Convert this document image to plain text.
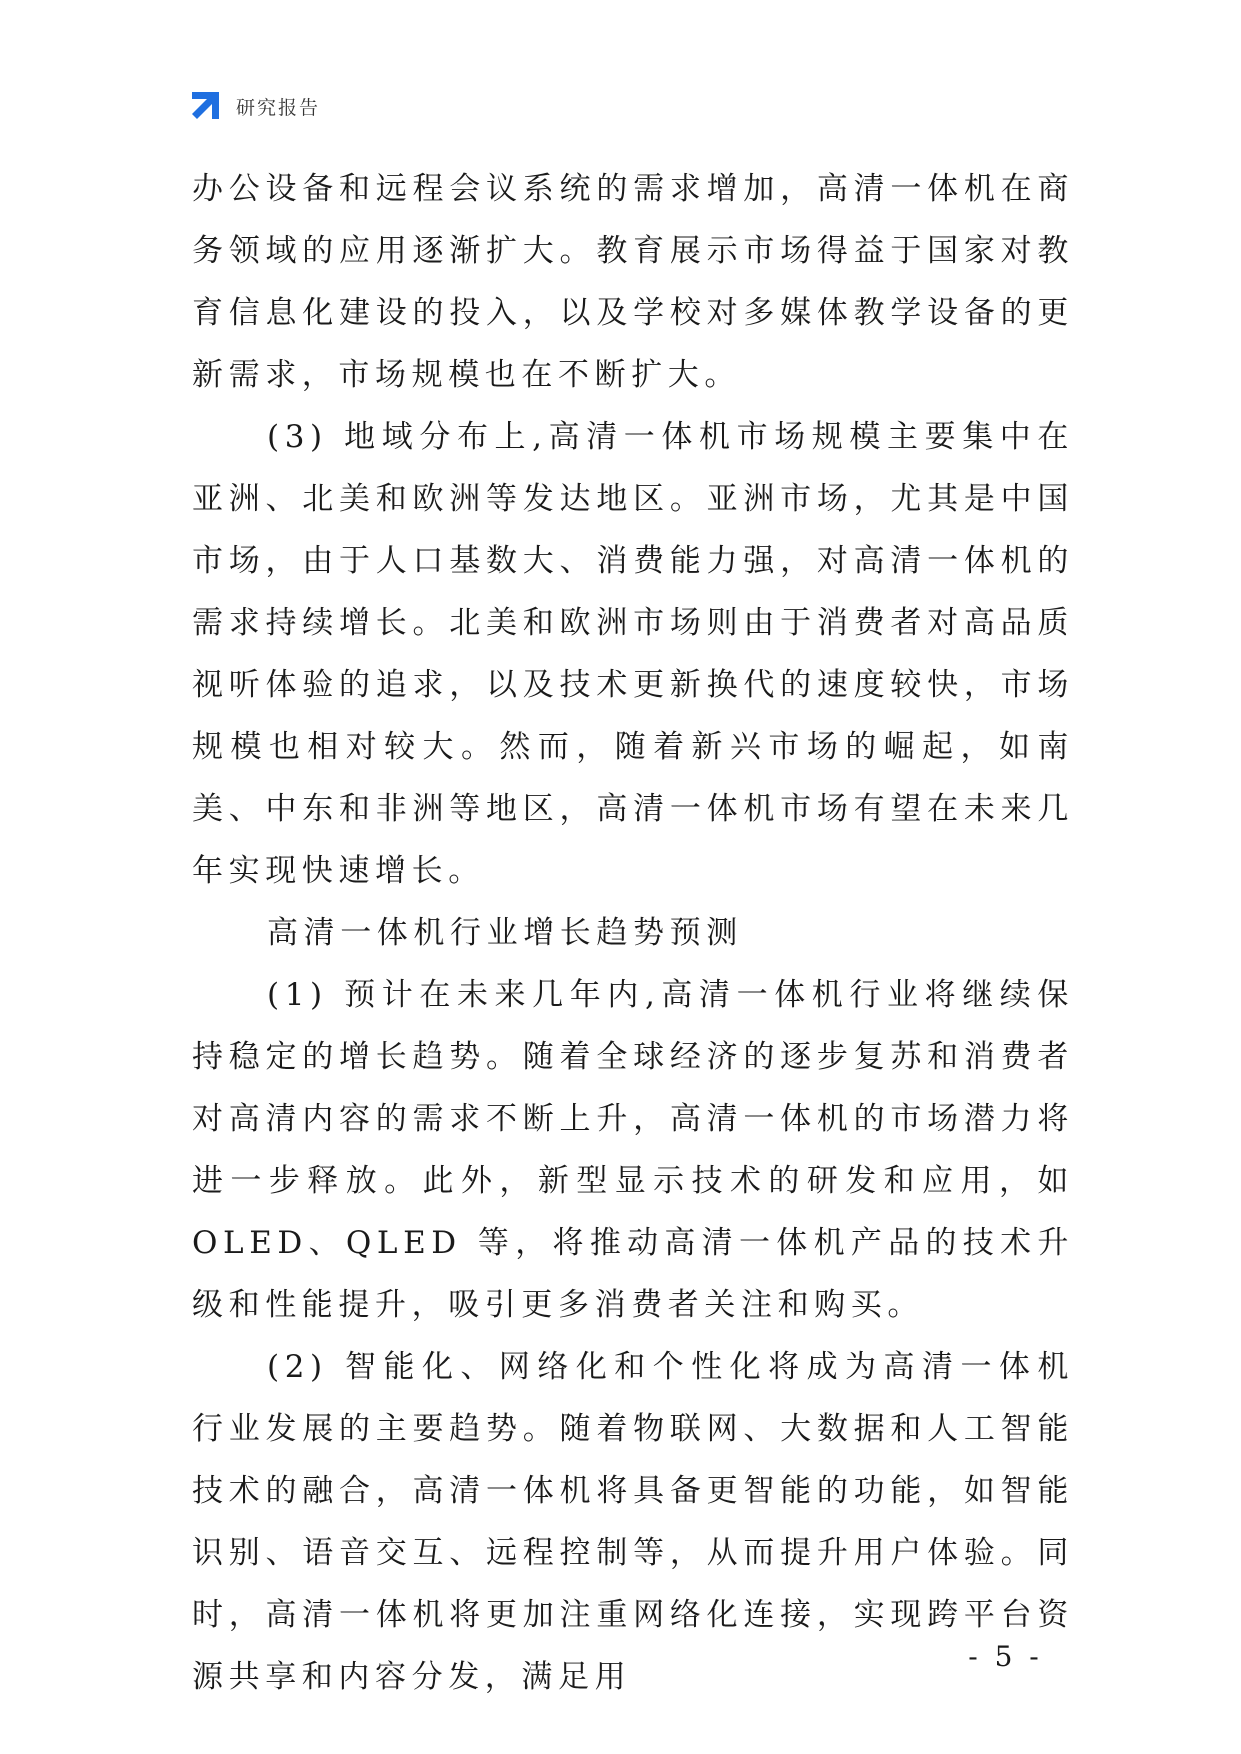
研究报告

办公设备和远程会议系统的需求增加，高清一体机在商务领域的应用逐渐扩大。教育展示市场得益于国家对教育信息化建设的投入，以及学校对多媒体教学设备的更新需求，市场规模也在不断扩大。

(3) 地域分布上,高清一体机市场规模主要集中在亚洲、北美和欧洲等发达地区。亚洲市场，尤其是中国市场，由于人口基数大、消费能力强，对高清一体机的需求持续增长。北美和欧洲市场则由于消费者对高品质视听体验的追求，以及技术更新换代的速度较快，市场规模也相对较大。然而，随着新兴市场的崛起，如南美、中东和非洲等地区，高清一体机市场有望在未来几年实现快速增长。

高清一体机行业增长趋势预测

(1) 预计在未来几年内,高清一体机行业将继续保持稳定的增长趋势。随着全球经济的逐步复苏和消费者对高清内容的需求不断上升，高清一体机的市场潜力将进一步释放。此外，新型显示技术的研发和应用，如 OLED、QLED 等，将推动高清一体机产品的技术升级和性能提升，吸引更多消费者关注和购买。

(2) 智能化、网络化和个性化将成为高清一体机行业发展的主要趋势。随着物联网、大数据和人工智能技术的融合，高清一体机将具备更智能的功能，如智能识别、语音交互、远程控制等，从而提升用户体验。同时，高清一体机将更加注重网络化连接，实现跨平台资源共享和内容分发，满足用

- 5 -
